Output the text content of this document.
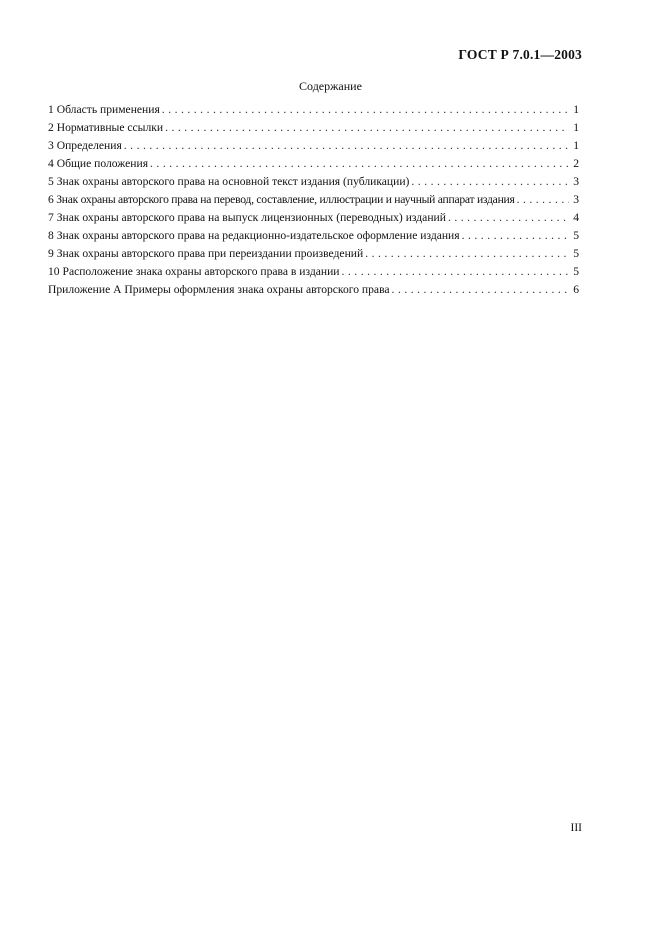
ГОСТ Р 7.0.1—2003
Содержание
1 Область применения . . .	1
2 Нормативные ссылки . . .	1
3 Определения . . .	1
4 Общие положения . . .	2
5 Знак охраны авторского права на основной текст издания (публикации) . . .	3
6 Знак охраны авторского права на перевод, составление, иллюстрации и научный аппарат издания . . .	3
7 Знак охраны авторского права на выпуск лицензионных (переводных) изданий . . .	4
8 Знак охраны авторского права на редакционно-издательское оформление издания . . .	5
9 Знак охраны авторского права при переиздании произведений . . .	5
10 Расположение знака охраны авторского права в издании . . .	5
Приложение А Примеры оформления знака охраны авторского права . . .	6
III
